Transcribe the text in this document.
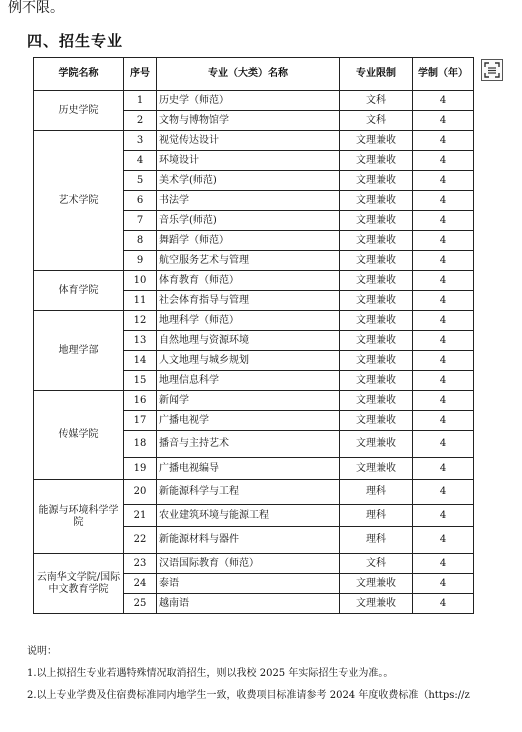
例不限。
四、招生专业
学院名称	序号	专业（大类）名称	专业限制	学制（年）
历史学院	1	历史学（师范）	文科	4
	2	文物与博物馆学	文科	4
艺术学院	3	视觉传达设计	文理兼收	4
	4	环境设计	文理兼收	4
	5	美术学(师范)	文理兼收	4
	6	书法学	文理兼收	4
	7	音乐学(师范)	文理兼收	4
	8	舞蹈学（师范）	文理兼收	4
	9	航空服务艺术与管理	文理兼收	4
体育学院	10	体育教育（师范）	文理兼收	4
	11	社会体育指导与管理	文理兼收	4
地理学部	12	地理科学（师范）	文理兼收	4
	13	自然地理与资源环境	文理兼收	4
	14	人文地理与城乡规划	文理兼收	4
	15	地理信息科学	文理兼收	4
传媒学院	16	新闻学	文理兼收	4
	17	广播电视学	文理兼收	4
	18	播音与主持艺术	文理兼收	4
	19	广播电视编导	文理兼收	4
能源与环境科学学院	20	新能源科学与工程	理科	4
	21	农业建筑环境与能源工程	理科	4
	22	新能源材料与器件	理科	4
云南华文学院/国际中文教育学院	23	汉语国际教育（师范）	文科	4
	24	泰语	文理兼收	4
	25	越南语	文理兼收	4
说明：
1.以上拟招生专业若遇特殊情况取消招生，则以我校 2025 年实际招生专业为准。。
2.以上专业学费及住宿费标准同内地学生一致，收费项目标准请参考 2024 年度收费标准（https://z
